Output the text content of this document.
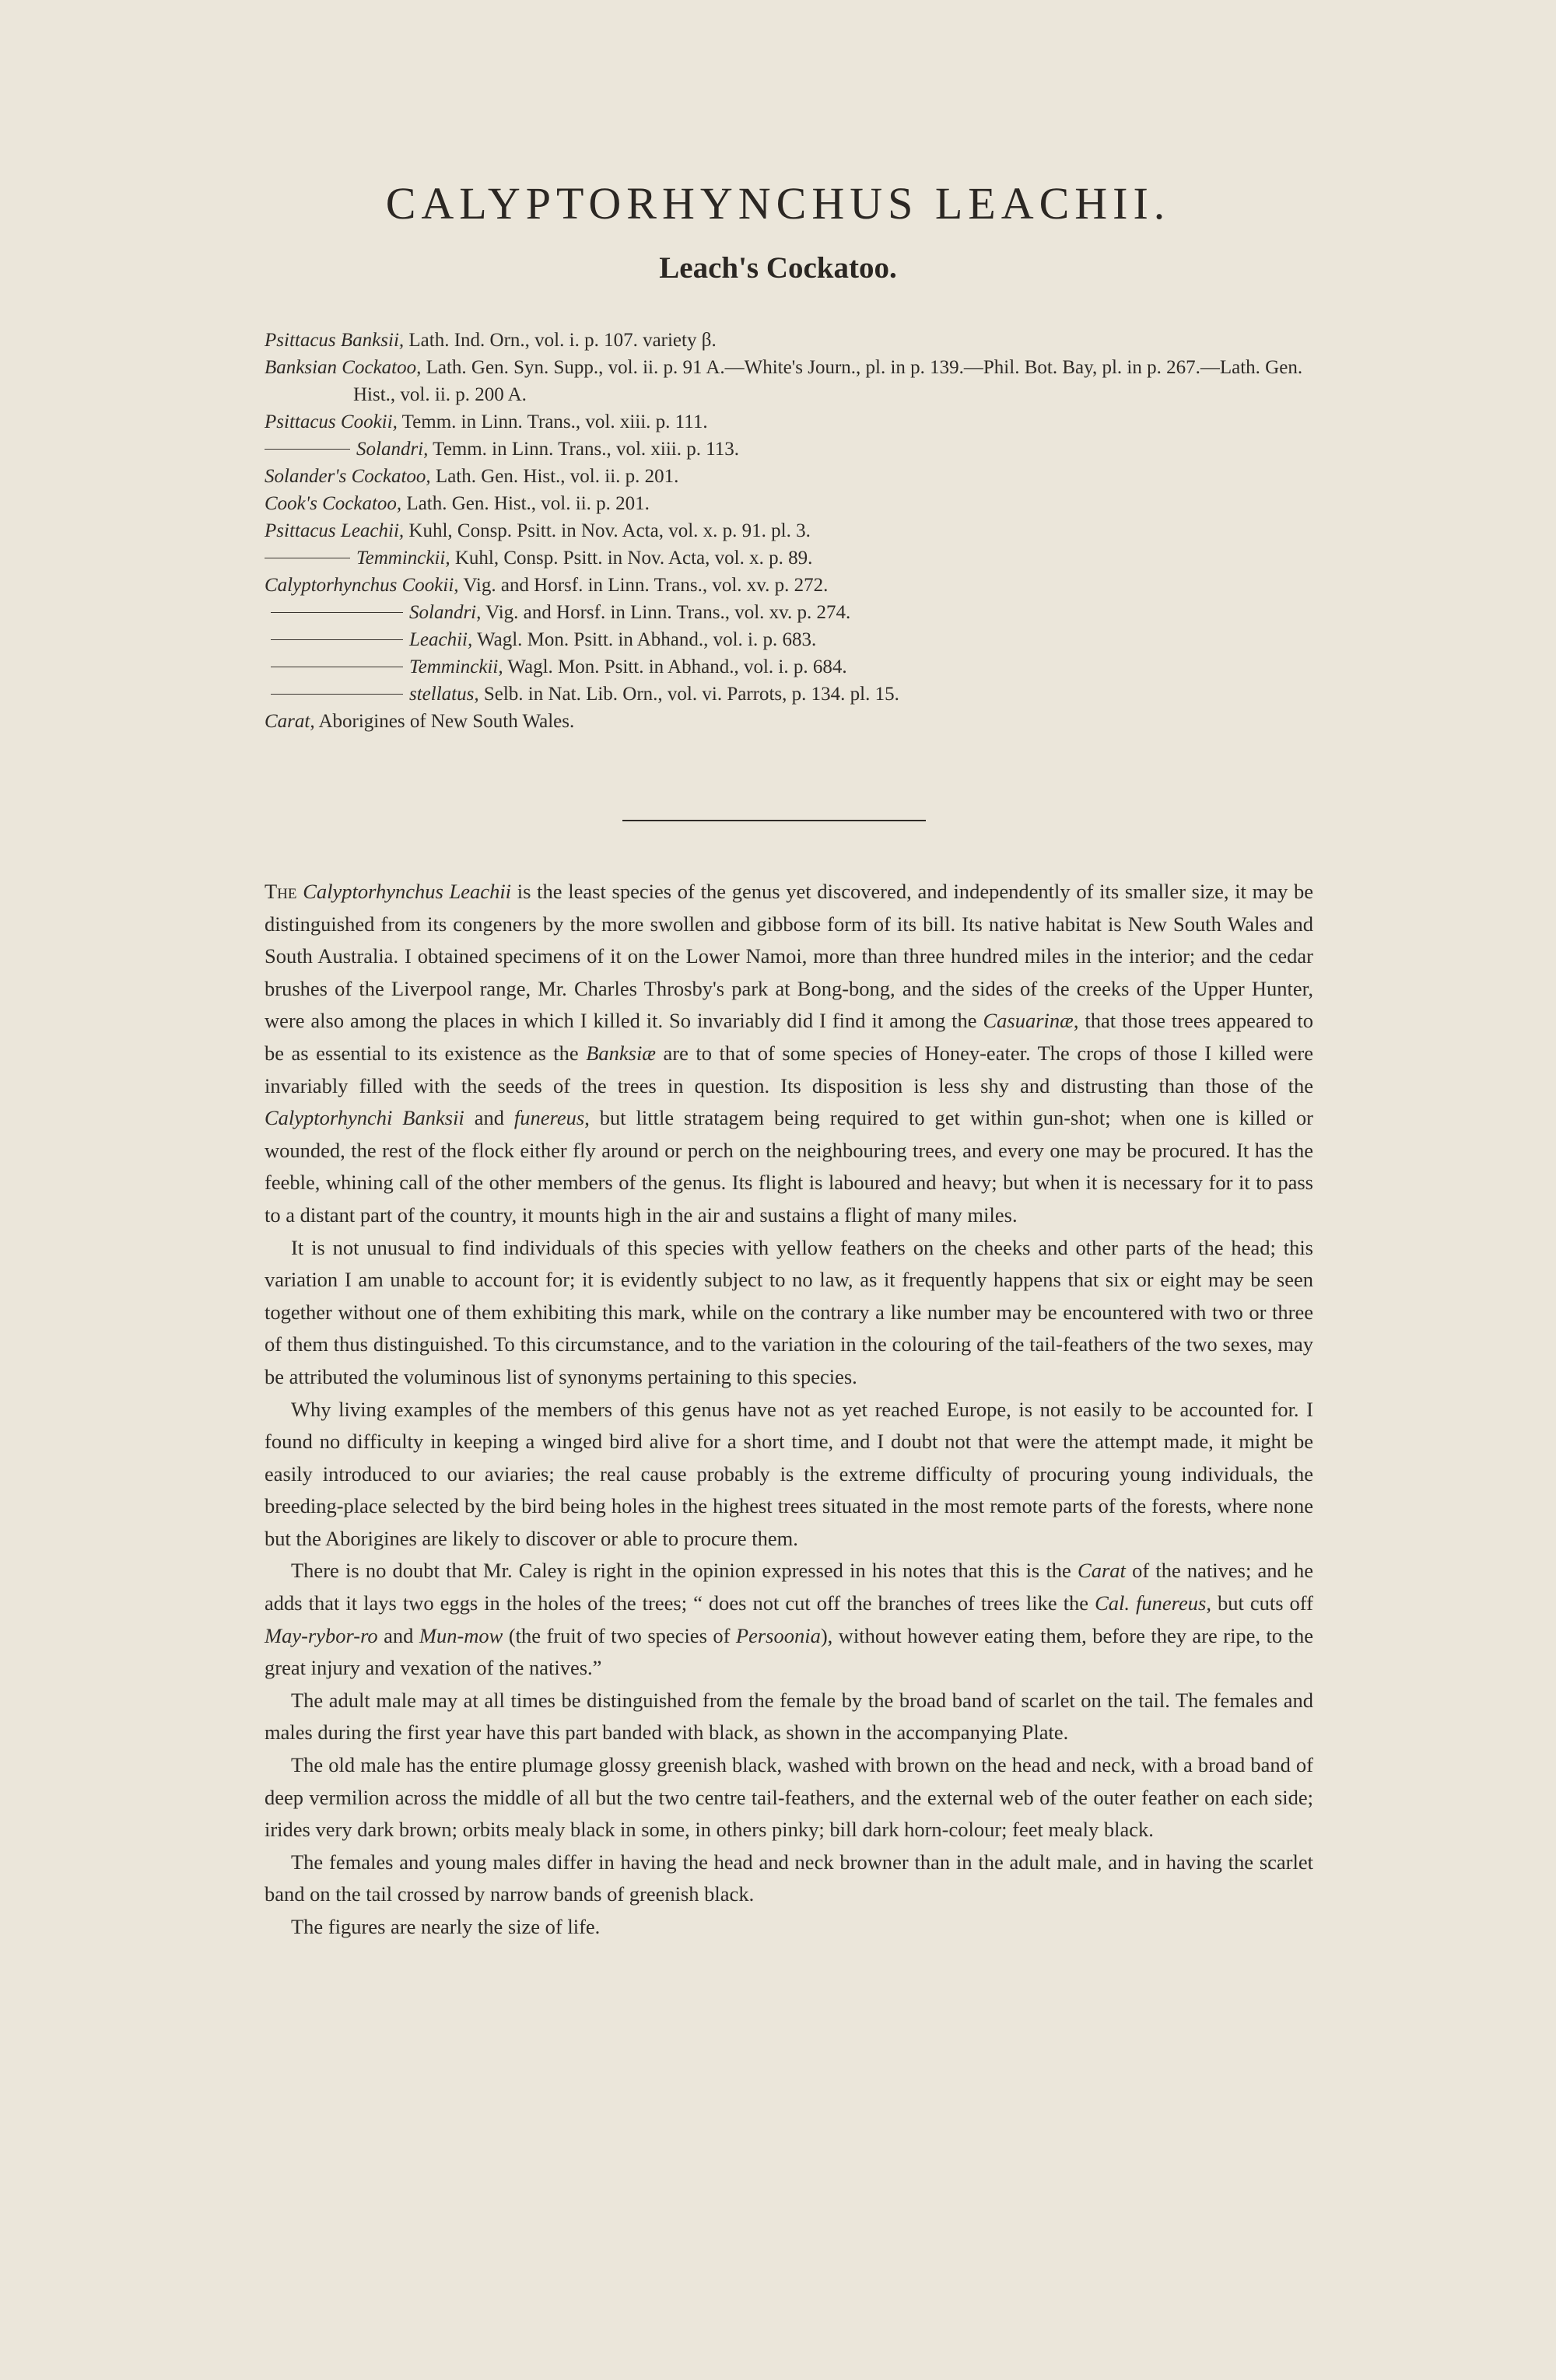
CALYPTORHYNCHUS LEACHII.
Leach's Cockatoo.
Psittacus Banksii, Lath. Ind. Orn., vol. i. p. 107. variety β.
Banksian Cockatoo, Lath. Gen. Syn. Supp., vol. ii. p. 91 A.—White's Journ., pl. in p. 139.—Phil. Bot. Bay, pl. in p. 267.—Lath. Gen. Hist., vol. ii. p. 200 A.
Psittacus Cookii, Temm. in Linn. Trans., vol. xiii. p. 111.
Solandri, Temm. in Linn. Trans., vol. xiii. p. 113.
Solander's Cockatoo, Lath. Gen. Hist., vol. ii. p. 201.
Cook's Cockatoo, Lath. Gen. Hist., vol. ii. p. 201.
Psittacus Leachii, Kuhl, Consp. Psitt. in Nov. Acta, vol. x. p. 91. pl. 3.
Temminckii, Kuhl, Consp. Psitt. in Nov. Acta, vol. x. p. 89.
Calyptorhynchus Cookii, Vig. and Horsf. in Linn. Trans., vol. xv. p. 272.
Solandri, Vig. and Horsf. in Linn. Trans., vol. xv. p. 274.
Leachii, Wagl. Mon. Psitt. in Abhand., vol. i. p. 683.
Temminckii, Wagl. Mon. Psitt. in Abhand., vol. i. p. 684.
stellatus, Selb. in Nat. Lib. Orn., vol. vi. Parrots, p. 134. pl. 15.
Carat, Aborigines of New South Wales.

The Calyptorhynchus Leachii is the least species of the genus yet discovered, and independently of its smaller size, it may be distinguished from its congeners by the more swollen and gibbose form of its bill. Its native habitat is New South Wales and South Australia. I obtained specimens of it on the Lower Namoi, more than three hundred miles in the interior; and the cedar brushes of the Liverpool range, Mr. Charles Throsby's park at Bong-bong, and the sides of the creeks of the Upper Hunter, were also among the places in which I killed it. So invariably did I find it among the Casuarinæ, that those trees appeared to be as essential to its existence as the Banksiæ are to that of some species of Honey-eater. The crops of those I killed were invariably filled with the seeds of the trees in question. Its disposition is less shy and distrusting than those of the Calyptorhynchi Banksii and funereus, but little stratagem being required to get within gun-shot; when one is killed or wounded, the rest of the flock either fly around or perch on the neighbouring trees, and every one may be procured. It has the feeble, whining call of the other members of the genus. Its flight is laboured and heavy; but when it is necessary for it to pass to a distant part of the country, it mounts high in the air and sustains a flight of many miles.

It is not unusual to find individuals of this species with yellow feathers on the cheeks and other parts of the head; this variation I am unable to account for; it is evidently subject to no law, as it frequently happens that six or eight may be seen together without one of them exhibiting this mark, while on the contrary a like number may be encountered with two or three of them thus distinguished. To this circumstance, and to the variation in the colouring of the tail-feathers of the two sexes, may be attributed the voluminous list of synonyms pertaining to this species.

Why living examples of the members of this genus have not as yet reached Europe, is not easily to be accounted for. I found no difficulty in keeping a winged bird alive for a short time, and I doubt not that were the attempt made, it might be easily introduced to our aviaries; the real cause probably is the extreme difficulty of procuring young individuals, the breeding-place selected by the bird being holes in the highest trees situated in the most remote parts of the forests, where none but the Aborigines are likely to discover or able to procure them.

There is no doubt that Mr. Caley is right in the opinion expressed in his notes that this is the Carat of the natives; and he adds that it lays two eggs in the holes of the trees; “ does not cut off the branches of trees like the Cal. funereus, but cuts off May-rybor-ro and Mun-mow (the fruit of two species of Persoonia), without however eating them, before they are ripe, to the great injury and vexation of the natives.”

The adult male may at all times be distinguished from the female by the broad band of scarlet on the tail. The females and males during the first year have this part banded with black, as shown in the accompanying Plate.

The old male has the entire plumage glossy greenish black, washed with brown on the head and neck, with a broad band of deep vermilion across the middle of all but the two centre tail-feathers, and the external web of the outer feather on each side; irides very dark brown; orbits mealy black in some, in others pinky; bill dark horn-colour; feet mealy black.

The females and young males differ in having the head and neck browner than in the adult male, and in having the scarlet band on the tail crossed by narrow bands of greenish black.

The figures are nearly the size of life.
